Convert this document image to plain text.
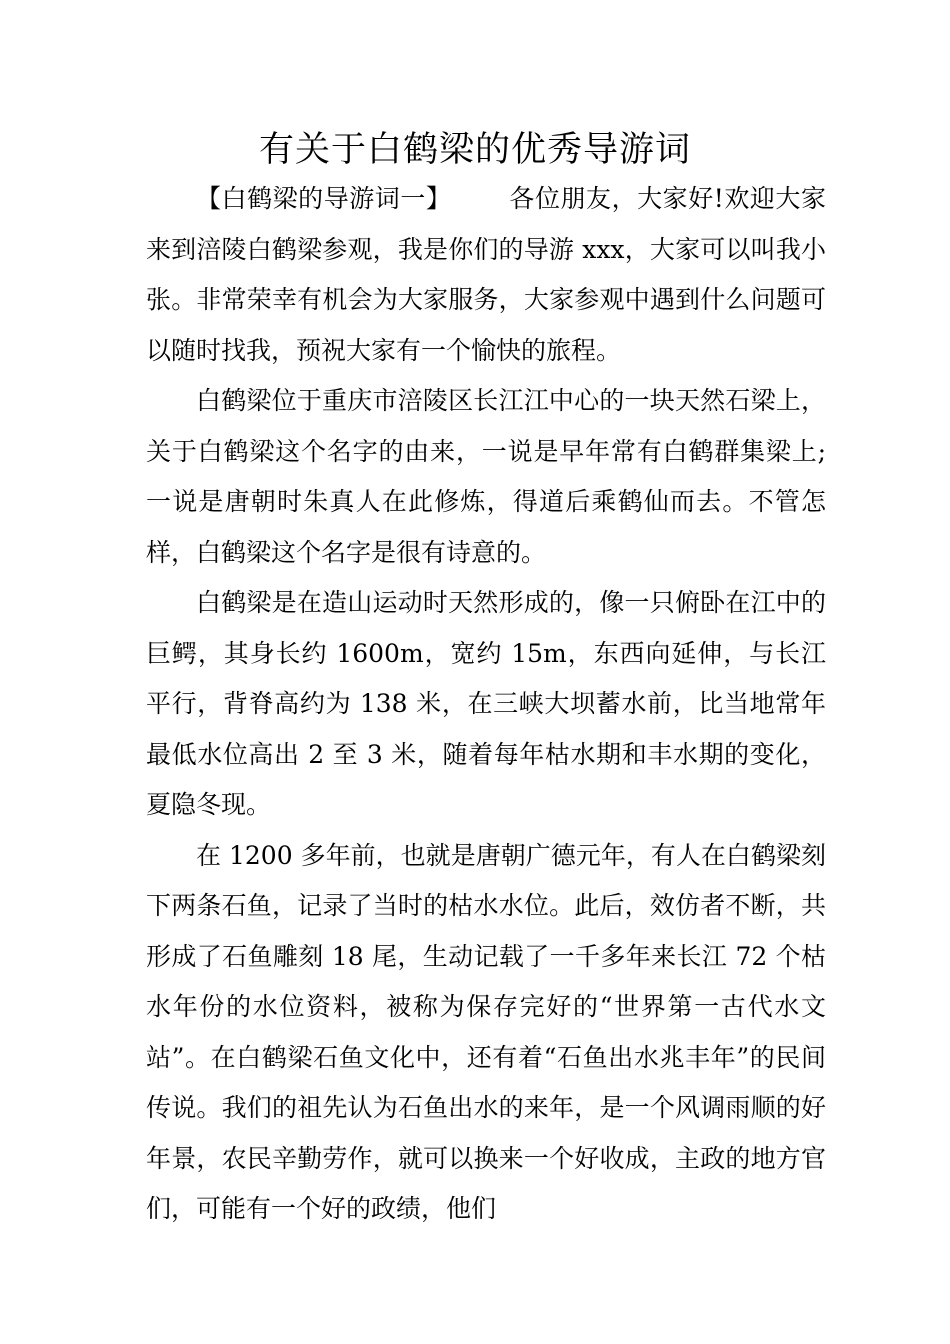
有关于白鹤梁的优秀导游词

【白鹤梁的导游词一】 各位朋友，大家好!欢迎大家来到涪陵白鹤梁参观，我是你们的导游 xxx，大家可以叫我小张。非常荣幸有机会为大家服务，大家参观中遇到什么问题可以随时找我，预祝大家有一个愉快的旅程。

白鹤梁位于重庆市涪陵区长江江中心的一块天然石梁上，关于白鹤梁这个名字的由来，一说是早年常有白鹤群集梁上;一说是唐朝时朱真人在此修炼，得道后乘鹤仙而去。不管怎样，白鹤梁这个名字是很有诗意的。

白鹤梁是在造山运动时天然形成的，像一只俯卧在江中的巨鳄，其身长约 1600m，宽约 15m，东西向延伸，与长江平行，背脊高约为 138 米，在三峡大坝蓄水前，比当地常年最低水位高出 2 至 3 米，随着每年枯水期和丰水期的变化，夏隐冬现。

在 1200 多年前，也就是唐朝广德元年，有人在白鹤梁刻下两条石鱼，记录了当时的枯水水位。此后，效仿者不断，共形成了石鱼雕刻 18 尾，生动记载了一千多年来长江 72 个枯水年份的水位资料，被称为保存完好的“世界第一古代水文站”。在白鹤梁石鱼文化中，还有着“石鱼出水兆丰年”的民间传说。我们的祖先认为石鱼出水的来年，是一个风调雨顺的好年景，农民辛勤劳作，就可以换来一个好收成，主政的地方官们，可能有一个好的政绩，他们
